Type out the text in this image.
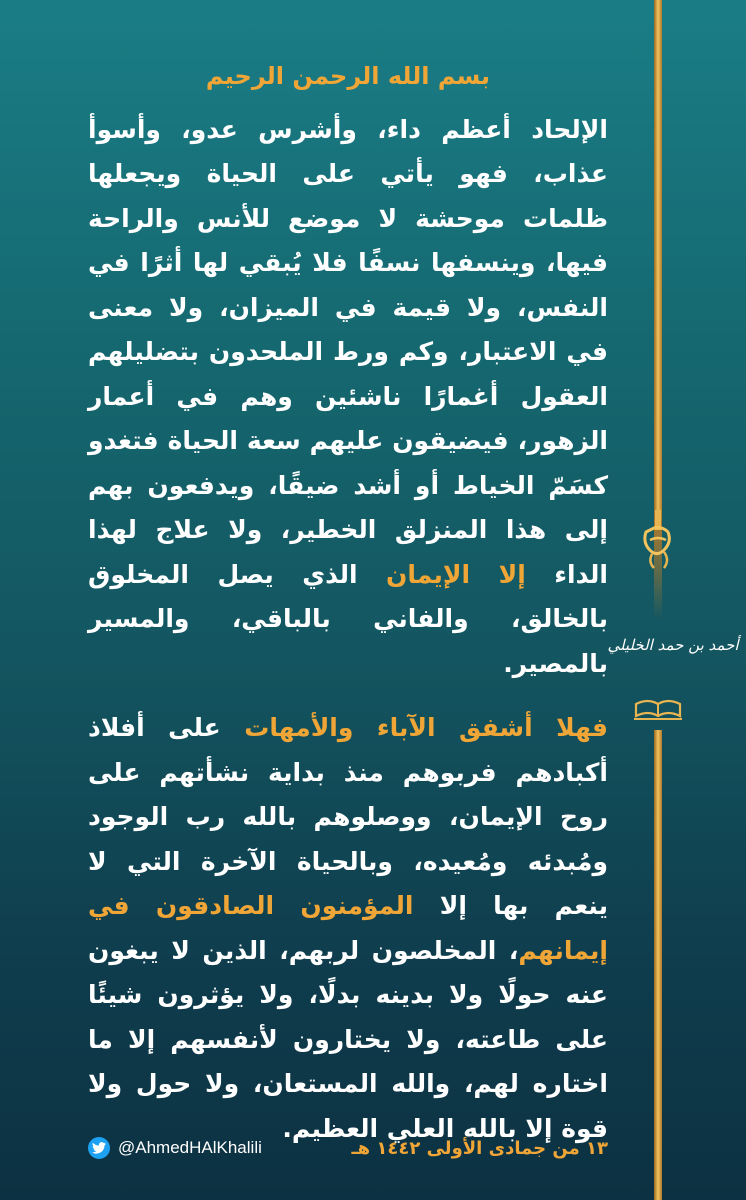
أحمد بن حمد الخليلي
بسم الله الرحمن الرحيم

الإلحاد أعظم داء، وأشرس عدو، وأسوأ عذاب، فهو يأتي على الحياة ويجعلها ظلمات موحشة لا موضع للأنس والراحة فيها، وينسفها نسفًا فلا يُبقي لها أثرًا في النفس، ولا قيمة في الميزان، ولا معنى في الاعتبار، وكم ورط الملحدون بتضليلهم العقول أغمارًا ناشئين وهم في أعمار الزهور، فيضيقون عليهم سعة الحياة فتغدو كسَمّ الخياط أو أشد ضيقًا، ويدفعون بهم إلى هذا المنزلق الخطير، ولا علاج لهذا الداء إلا الإيمان الذي يصل المخلوق بالخالق، والفاني بالباقي، والمسير بالمصير.

فهلا أشفق الآباء والأمهات على أفلاذ أكبادهم فربوهم منذ بداية نشأتهم على روح الإيمان، ووصلوهم بالله رب الوجود ومُبدئه ومُعيده، وبالحياة الآخرة التي لا ينعم بها إلا المؤمنون الصادقون في إيمانهم، المخلصون لربهم، الذين لا يبغون عنه حولًا ولا بدينه بدلًا، ولا يؤثرون شيئًا على طاعته، ولا يختارون لأنفسهم إلا ما اختاره لهم، والله المستعان، ولا حول ولا قوة إلا بالله العلي العظيم.

@AhmedHAlKhalili	١٣ من جمادى الأولى ١٤٤٢ هـ
